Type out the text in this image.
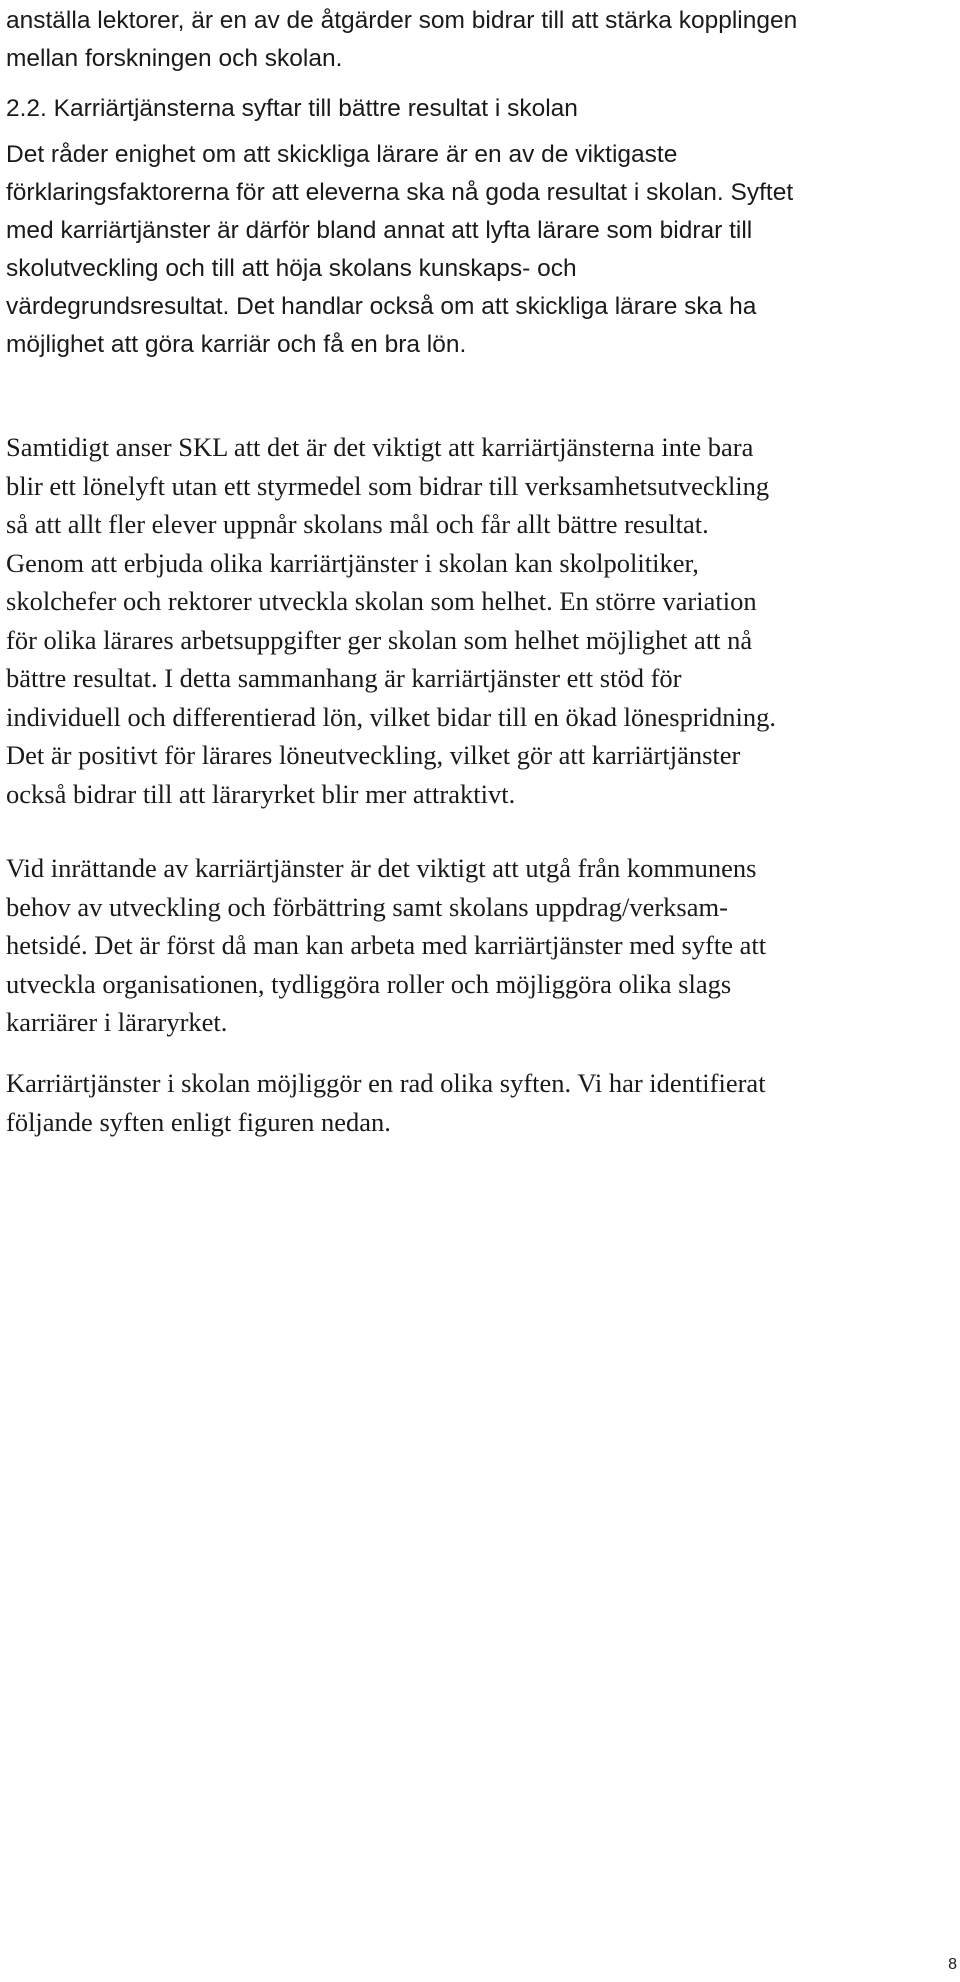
anställa lektorer, är en av de åtgärder som bidrar till att stärka kopplingen
mellan forskningen och skolan.
2.2. Karriärtjänsterna syftar till bättre resultat i skolan
Det råder enighet om att skickliga lärare är en av de viktigaste
förklaringsfaktorerna för att eleverna ska nå goda resultat i skolan. Syftet
med karriärtjänster är därför bland annat att lyfta lärare som bidrar till
skolutveckling och till att höja skolans kunskaps- och
värdegrundsresultat. Det handlar också om att skickliga lärare ska ha
möjlighet att göra karriär och få en bra lön.
Samtidigt anser SKL att det är det viktigt att karriärtjänsterna inte bara
blir ett lönelyft utan ett styrmedel som bidrar till verksamhetsutveckling
så att allt fler elever uppnår skolans mål och får allt bättre resultat.
Genom att erbjuda olika karriärtjänster i skolan kan skolpolitiker,
skolchefer och rektorer utveckla skolan som helhet. En större variation
för olika lärares arbetsuppgifter ger skolan som helhet möjlighet att nå
bättre resultat. I detta sammanhang är karriärtjänster ett stöd för
individuell och differentierad lön, vilket bidar till en ökad lönespridning.
Det är positivt för lärares löneutveckling, vilket gör att karriärtjänster
också bidrar till att läraryrket blir mer attraktivt.
Vid inrättande av karriärtjänster är det viktigt att utgå från kommunens
behov av utveckling och förbättring samt skolans uppdrag/verksam-
hetsidé. Det är först då man kan arbeta med karriärtjänster med syfte att
utveckla organisationen, tydliggöra roller och möjliggöra olika slags
karriärer i läraryrket.
Karriärtjänster i skolan möjliggör en rad olika syften. Vi har identifierat
följande syften enligt figuren nedan.
8
